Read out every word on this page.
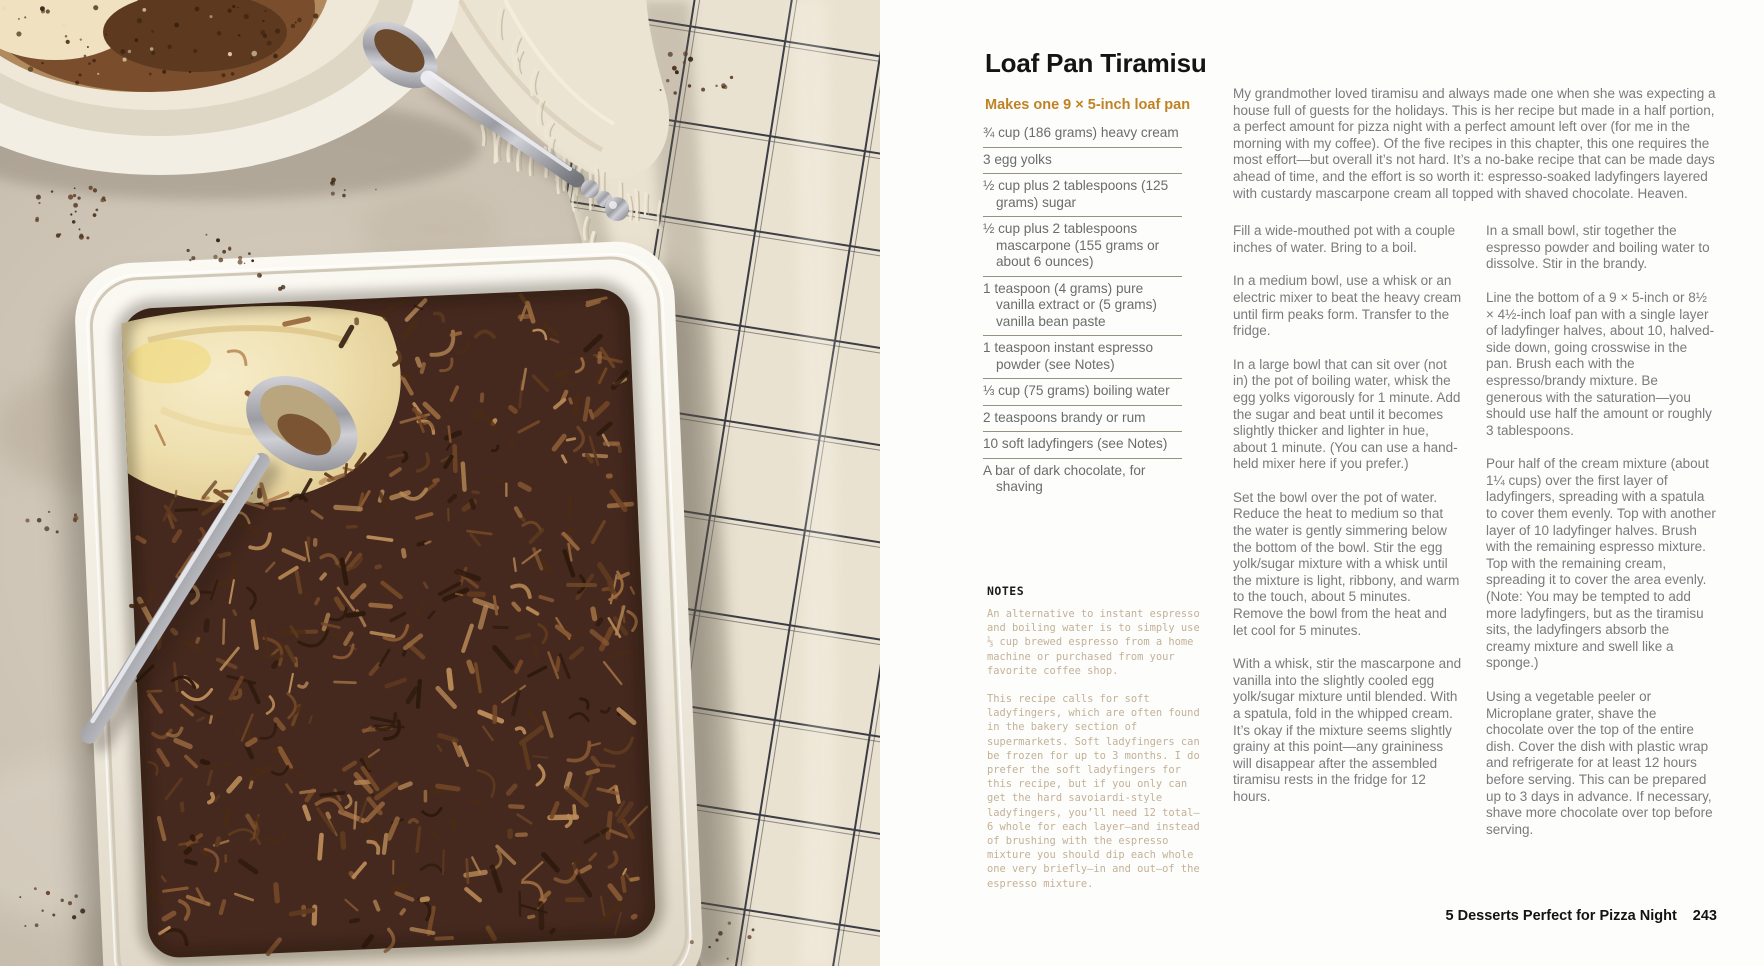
Loaf Pan Tiramisu
Makes one 9 × 5-inch loaf pan
¾ cup (186 grams) heavy cream
3 egg yolks
½ cup plus 2 tablespoons (125 grams) sugar
½ cup plus 2 tablespoons mascarpone (155 grams or about 6 ounces)
1 teaspoon (4 grams) pure vanilla extract or (5 grams) vanilla bean paste
1 teaspoon instant espresso powder (see Notes)
⅓ cup (75 grams) boiling water
2 teaspoons brandy or rum
10 soft ladyfingers (see Notes)
A bar of dark chocolate, for shaving
NOTES

An alternative to instant espresso and boiling water is to simply use ⅓ cup brewed espresso from a home machine or purchased from your favorite coffee shop.

This recipe calls for soft ladyfingers, which are often found in the bakery section of supermarkets. Soft ladyfingers can be frozen for up to 3 months. I do prefer the soft ladyfingers for this recipe, but if you only can get the hard savoiardi-style ladyfingers, you’ll need 12 total—6 whole for each layer—and instead of brushing with the espresso mixture you should dip each whole one very briefly—in and out—of the espresso mixture.

My grandmother loved tiramisu and always made one when she was expecting a house full of guests for the holidays. This is her recipe but made in a half portion, a perfect amount for pizza night with a perfect amount left over (for me in the morning with my coffee). Of the five recipes in this chapter, this one requires the most effort—but overall it’s not hard. It’s a no-bake recipe that can be made days ahead of time, and the effort is so worth it: espresso-soaked ladyfingers layered with custardy mascarpone cream all topped with shaved chocolate. Heaven.

Fill a wide-mouthed pot with a couple inches of water. Bring to a boil.

In a medium bowl, use a whisk or an electric mixer to beat the heavy cream until firm peaks form. Transfer to the fridge.

In a large bowl that can sit over (not in) the pot of boiling water, whisk the egg yolks vigorously for 1 minute. Add the sugar and beat until it becomes slightly thicker and lighter in hue, about 1 minute. (You can use a hand-held mixer here if you prefer.)

Set the bowl over the pot of water. Reduce the heat to medium so that the water is gently simmering below the bottom of the bowl. Stir the egg yolk/sugar mixture with a whisk until the mixture is light, ribbony, and warm to the touch, about 5 minutes. Remove the bowl from the heat and let cool for 5 minutes.

With a whisk, stir the mascarpone and vanilla into the slightly cooled egg yolk/sugar mixture until blended. With a spatula, fold in the whipped cream. It’s okay if the mixture seems slightly grainy at this point—any graininess will disappear after the assembled tiramisu rests in the fridge for 12 hours.

In a small bowl, stir together the espresso powder and boiling water to dissolve. Stir in the brandy.

Line the bottom of a 9 × 5-inch or 8½ × 4½-inch loaf pan with a single layer of ladyfinger halves, about 10, halved-side down, going crosswise in the pan. Brush each with the espresso/brandy mixture. Be generous with the saturation—you should use half the amount or roughly 3 tablespoons.

Pour half of the cream mixture (about 1¼ cups) over the first layer of ladyfingers, spreading with a spatula to cover them evenly. Top with another layer of 10 ladyfinger halves. Brush with the remaining espresso mixture. Top with the remaining cream, spreading it to cover the area evenly. (Note: You may be tempted to add more ladyfingers, but as the tiramisu sits, the ladyfingers absorb the creamy mixture and swell like a sponge.)

Using a vegetable peeler or Microplane grater, shave the chocolate over the top of the entire dish. Cover the dish with plastic wrap and refrigerate for at least 12 hours before serving. This can be prepared up to 3 days in advance. If necessary, shave more chocolate over top before serving.

5 Desserts Perfect for Pizza Night 243
